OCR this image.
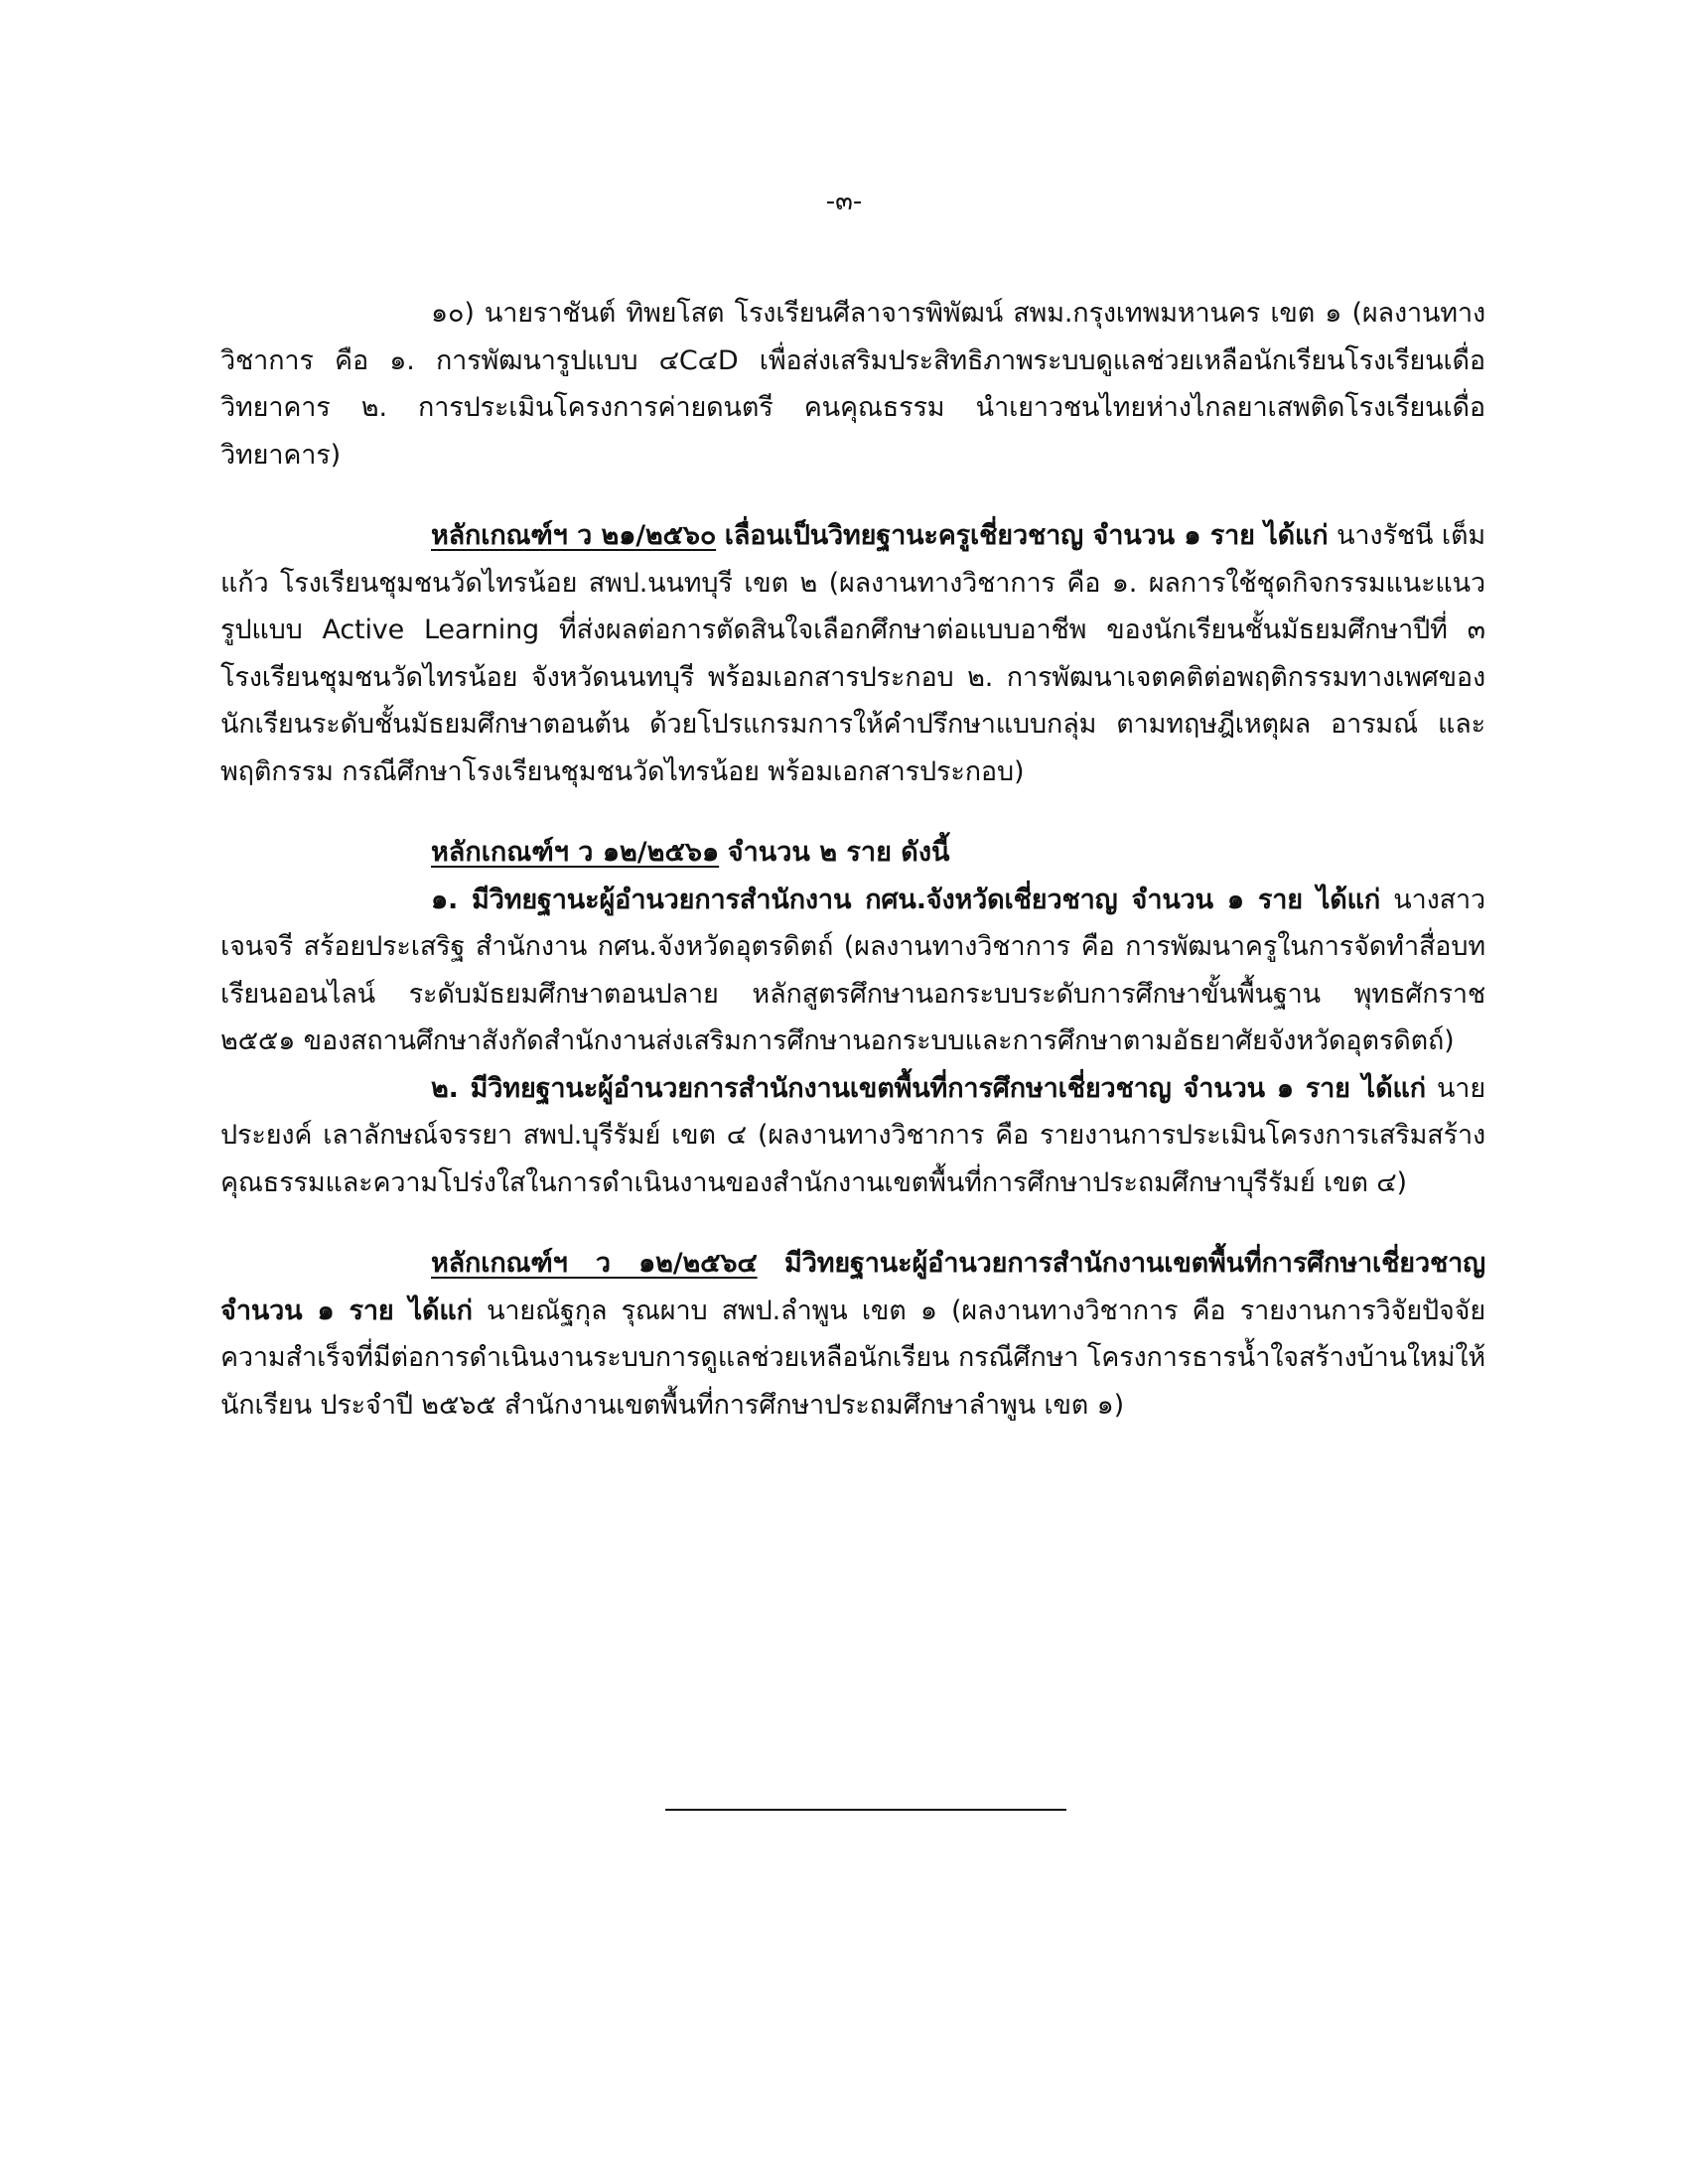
-๓-

๑๐) นายราชันต์ ทิพยโสต โรงเรียนศีลาจารพิพัฒน์ สพม.กรุงเทพมหานคร เขต ๑ (ผลงานทางวิชาการ คือ ๑. การพัฒนารูปแบบ ๔C๔D เพื่อส่งเสริมประสิทธิภาพระบบดูแลช่วยเหลือนักเรียนโรงเรียนเดื่อวิทยาคาร ๒. การประเมินโครงการค่ายดนตรี คนคุณธรรม นำเยาวชนไทยห่างไกลยาเสพติดโรงเรียนเดื่อวิทยาคาร)

หลักเกณฑ์ฯ ว ๒๑/๒๕๖๐ เลื่อนเป็นวิทยฐานะครูเชี่ยวชาญ จำนวน ๑ ราย ได้แก่ นางรัชนี เต็มแก้ว โรงเรียนชุมชนวัดไทรน้อย สพป.นนทบุรี เขต ๒ (ผลงานทางวิชาการ คือ ๑. ผลการใช้ชุดกิจกรรมแนะแนว รูปแบบ Active Learning ที่ส่งผลต่อการตัดสินใจเลือกศึกษาต่อแบบอาชีพ ของนักเรียนชั้นมัธยมศึกษาปีที่ ๓ โรงเรียนชุมชนวัดไทรน้อย จังหวัดนนทบุรี พร้อมเอกสารประกอบ ๒. การพัฒนาเจตคติต่อพฤติกรรมทางเพศของนักเรียนระดับชั้นมัธยมศึกษาตอนต้น ด้วยโปรแกรมการให้คำปรึกษาแบบกลุ่ม ตามทฤษฎีเหตุผล อารมณ์ และพฤติกรรม กรณีศึกษาโรงเรียนชุมชนวัดไทรน้อย พร้อมเอกสารประกอบ)

หลักเกณฑ์ฯ ว ๑๒/๒๕๖๑ จำนวน ๒ ราย ดังนี้

๑. มีวิทยฐานะผู้อำนวยการสำนักงาน กศน.จังหวัดเชี่ยวชาญ จำนวน ๑ ราย ได้แก่ นางสาวเจนจรี สร้อยประเสริฐ สำนักงาน กศน.จังหวัดอุตรดิตถ์ (ผลงานทางวิชาการ คือ การพัฒนาครูในการจัดทำสื่อบทเรียนออนไลน์ ระดับมัธยมศึกษาตอนปลาย หลักสูตรศึกษานอกระบบระดับการศึกษาขั้นพื้นฐาน พุทธศักราช ๒๕๕๑ ของสถานศึกษาสังกัดสำนักงานส่งเสริมการศึกษานอกระบบและการศึกษาตามอัธยาศัยจังหวัดอุตรดิตถ์)

๒. มีวิทยฐานะผู้อำนวยการสำนักงานเขตพื้นที่การศึกษาเชี่ยวชาญ จำนวน ๑ ราย ได้แก่ นายประยงค์ เลาลักษณ์จรรยา สพป.บุรีรัมย์ เขต ๔ (ผลงานทางวิชาการ คือ รายงานการประเมินโครงการเสริมสร้างคุณธรรมและความโปร่งใสในการดำเนินงานของสำนักงานเขตพื้นที่การศึกษาประถมศึกษาบุรีรัมย์ เขต ๔)

หลักเกณฑ์ฯ ว ๑๒/๒๕๖๔ มีวิทยฐานะผู้อำนวยการสำนักงานเขตพื้นที่การศึกษาเชี่ยวชาญ จำนวน ๑ ราย ได้แก่ นายณัฐกุล รุณผาบ สพป.ลำพูน เขต ๑ (ผลงานทางวิชาการ คือ รายงานการวิจัยปัจจัยความสำเร็จที่มีต่อการดำเนินงานระบบการดูแลช่วยเหลือนักเรียน กรณีศึกษา โครงการธารน้ำใจสร้างบ้านใหม่ให้นักเรียน ประจำปี ๒๕๖๕ สำนักงานเขตพื้นที่การศึกษาประถมศึกษาลำพูน เขต ๑)
